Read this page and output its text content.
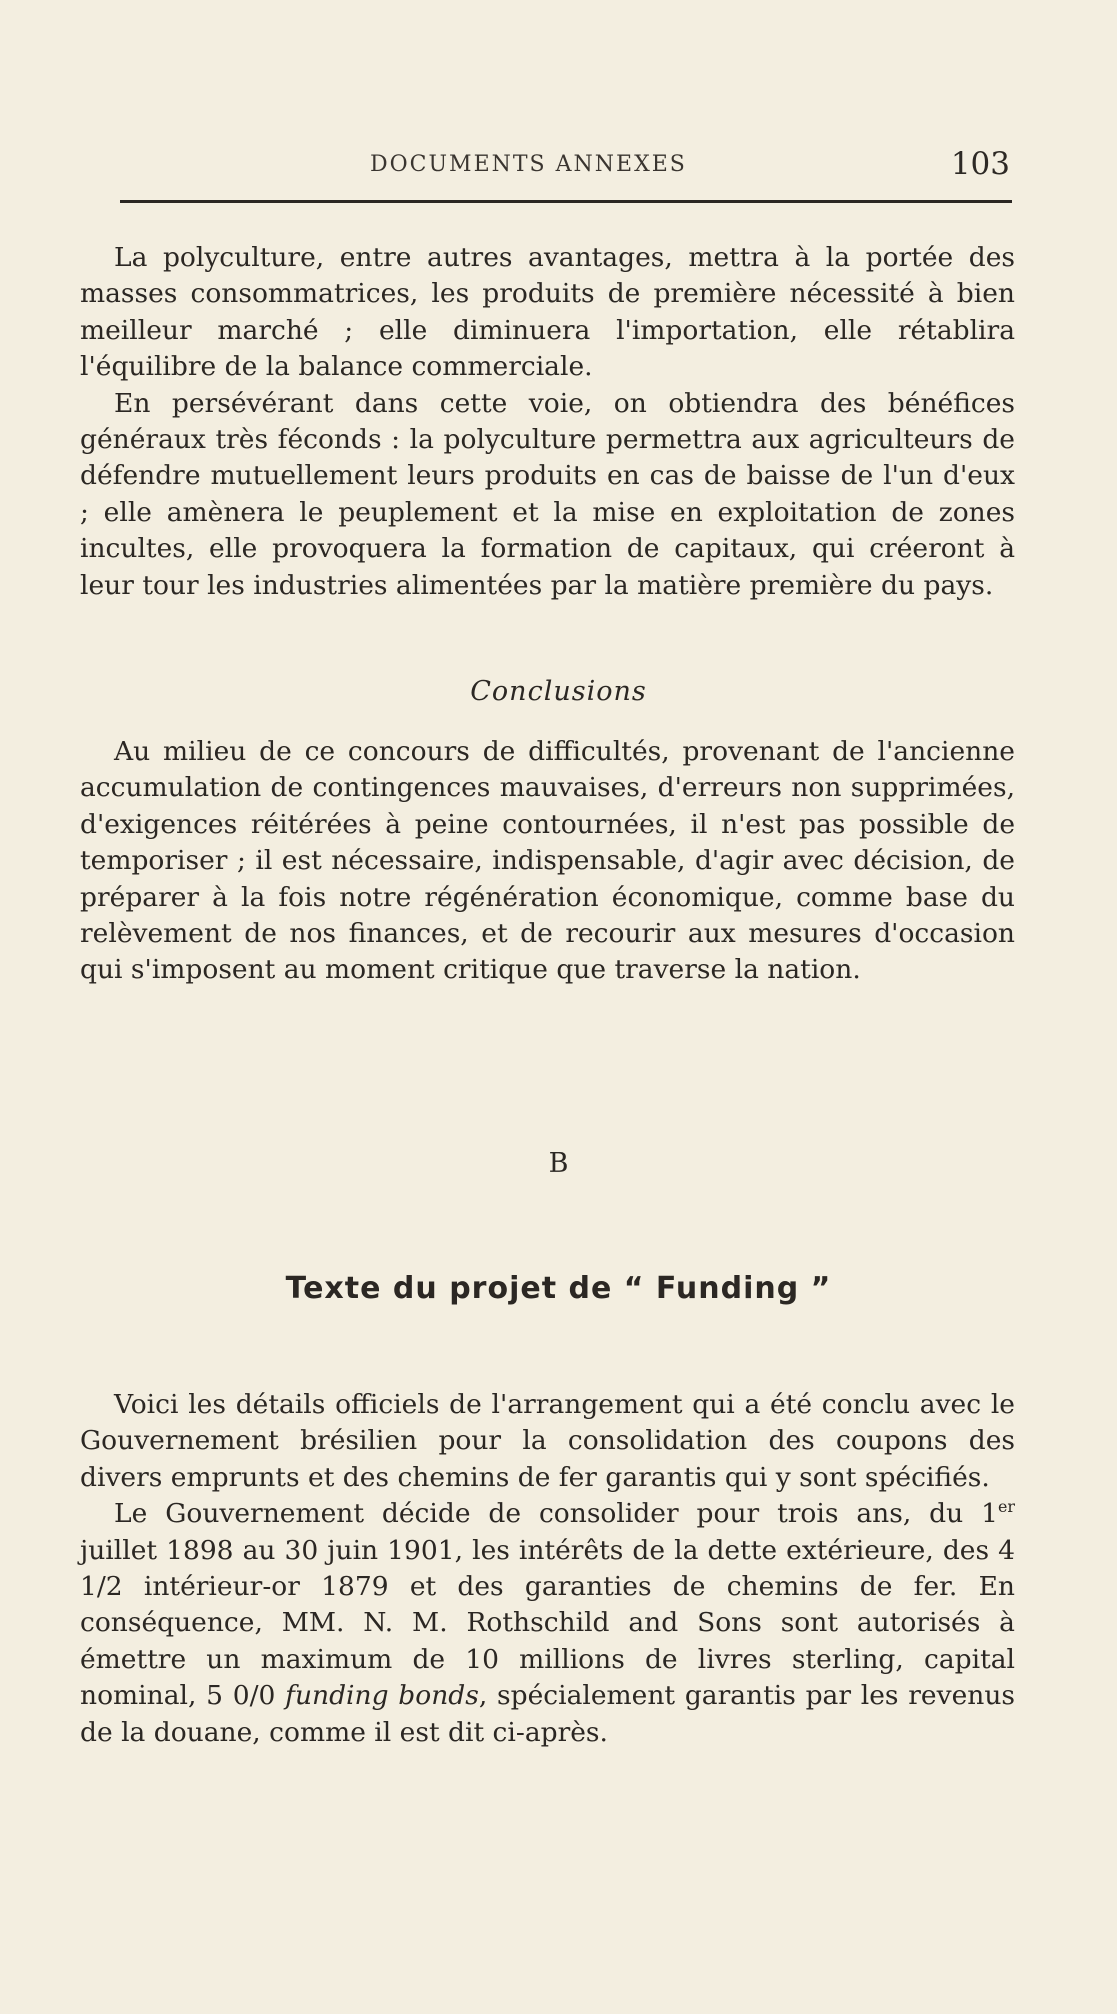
DOCUMENTS ANNEXES	103

La polyculture, entre autres avantages, mettra à la portée des masses consommatrices, les produits de première nécessité à bien meilleur marché ; elle diminuera l'importation, elle rétablira l'équilibre de la balance commerciale.

En persévérant dans cette voie, on obtiendra des bénéfices généraux très féconds : la polyculture permettra aux agriculteurs de défendre mutuellement leurs produits en cas de baisse de l'un d'eux ; elle amènera le peuplement et la mise en exploitation de zones incultes, elle provoquera la formation de capitaux, qui créeront à leur tour les industries alimentées par la matière première du pays.

Conclusions

Au milieu de ce concours de difficultés, provenant de l'ancienne accumulation de contingences mauvaises, d'erreurs non supprimées, d'exigences réitérées à peine contournées, il n'est pas possible de temporiser ; il est nécessaire, indispensable, d'agir avec décision, de préparer à la fois notre régénération économique, comme base du relèvement de nos finances, et de recourir aux mesures d'occasion qui s'imposent au moment critique que traverse la nation.

B
Texte du projet de “ Funding ”

Voici les détails officiels de l'arrangement qui a été conclu avec le Gouvernement brésilien pour la consolidation des coupons des divers emprunts et des chemins de fer garantis qui y sont spécifiés.

Le Gouvernement décide de consolider pour trois ans, du 1er juillet 1898 au 30 juin 1901, les intérêts de la dette extérieure, des 4 1/2 intérieur-or 1879 et des garanties de chemins de fer. En conséquence, MM. N. M. Rothschild and Sons sont autorisés à émettre un maximum de 10 millions de livres sterling, capital nominal, 5 0/0 funding bonds, spécialement garantis par les revenus de la douane, comme il est dit ci-après.
